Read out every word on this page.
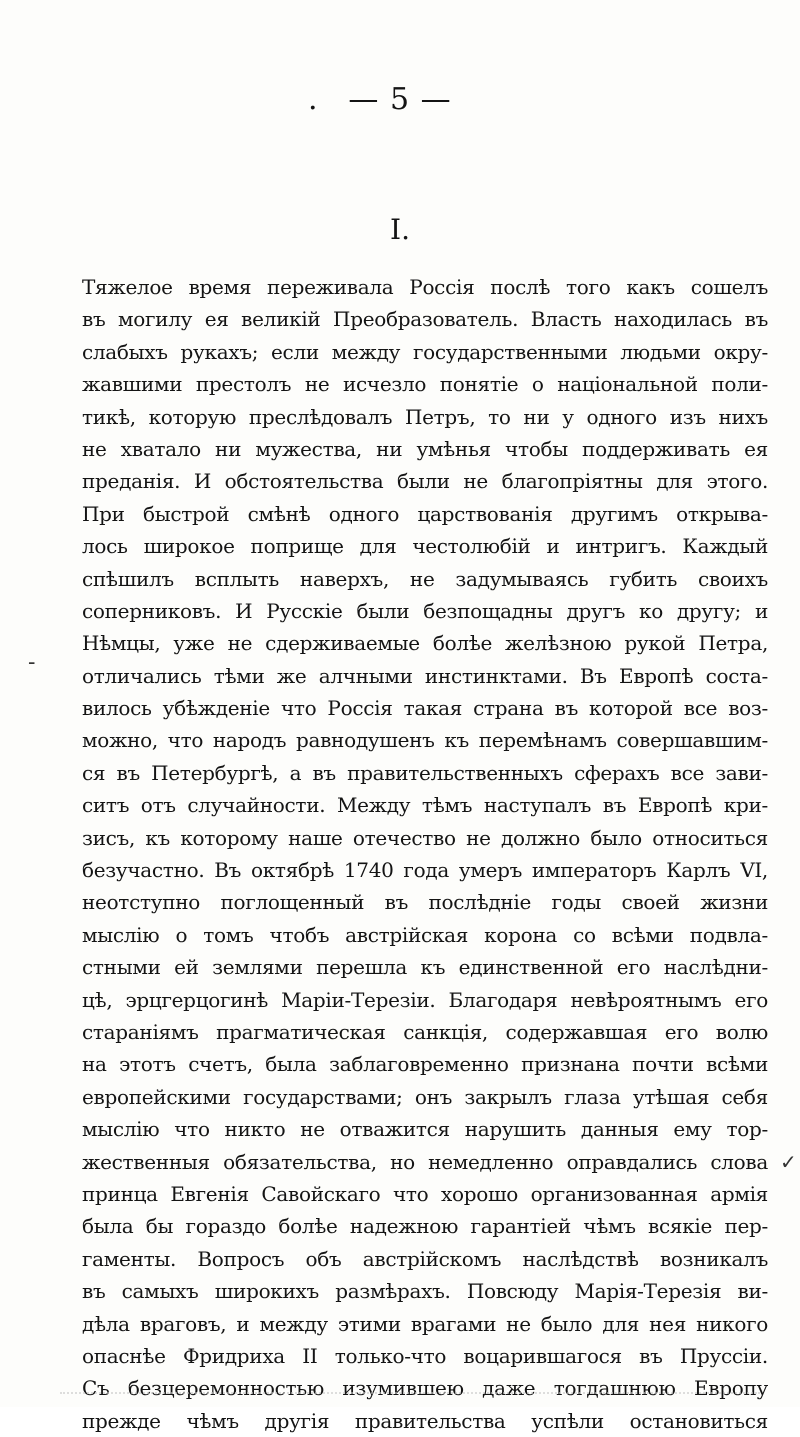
. — 5 —
I.
-
✓
Тяжелое время переживала Россія послѣ того какъ сошелъ
въ могилу ея великій Преобразователь. Власть находилась въ
слабыхъ рукахъ; если между государственными людьми окру-
жавшими престолъ не исчезло понятіе о національной поли-
тикѣ, которую преслѣдовалъ Петръ, то ни у одного изъ нихъ
не хватало ни мужества, ни умѣнья чтобы поддерживать ея
преданія. И обстоятельства были не благопріятны для этого.
При быстрой смѣнѣ одного царствованія другимъ открыва-
лось широкое поприще для честолюбій и интригъ. Каждый
спѣшилъ всплыть наверхъ, не задумываясь губить своихъ
соперниковъ. И Русскіе были безпощадны другъ ко другу; и
Нѣмцы, уже не сдерживаемые болѣе желѣзною рукой Петра,
отличались тѣми же алчными инстинктами. Въ Европѣ соста-
вилось убѣжденіе что Россія такая страна въ которой все воз-
можно, что народъ равнодушенъ къ перемѣнамъ совершавшим-
ся въ Петербургѣ, а въ правительственныхъ сферахъ все зави-
ситъ отъ случайности. Между тѣмъ наступалъ въ Европѣ кри-
зисъ, къ которому наше отечество не должно было относиться
безучастно. Въ октябрѣ 1740 года умеръ императоръ Карлъ VI,
неотступно поглощенный въ послѣдніе годы своей жизни
мыслію о томъ чтобъ австрійская корона со всѣми подвла-
стными ей землями перешла къ единственной его наслѣдни-
цѣ, эрцгерцогинѣ Маріи-Терезіи. Благодаря невѣроятнымъ его
стараніямъ прагматическая санкція, содержавшая его волю
на этотъ счетъ, была заблаговременно признана почти всѣми
европейскими государствами; онъ закрылъ глаза утѣшая себя
мыслію что никто не отважится нарушить данныя ему тор-
жественныя обязательства, но немедленно оправдались слова
принца Евгенія Савойскаго что хорошо организованная армія
была бы гораздо болѣе надежною гарантіей чѣмъ всякіе пер-
гаменты. Вопросъ объ австрійскомъ наслѣдствѣ возникалъ
въ самыхъ широкихъ размѣрахъ. Повсюду Марія-Терезія ви-
дѣла враговъ, и между этими врагами не было для нея никого
опаснѣе Фридриха II только-что воцарившагося въ Пруссіи.
Съ безцеремонностью изумившею даже тогдашнюю Европу
прежде чѣмъ другія правительства успѣли остановиться
